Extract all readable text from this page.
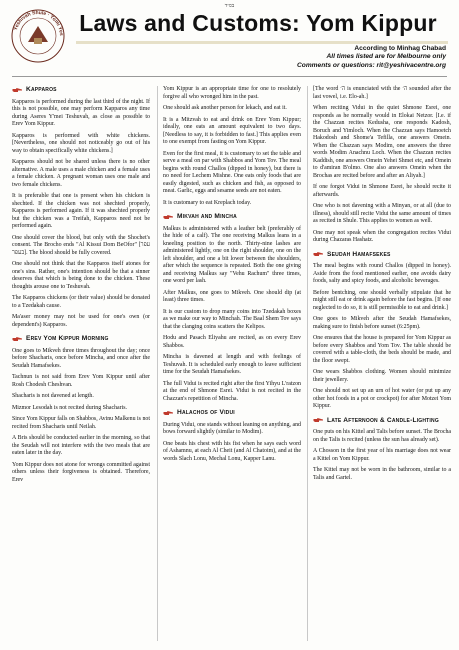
בס״ד
Yeshivah Shule · Yomi Yes Laws and Customs: Yom Kippur
According to Minhag Chabad
All times listed are for Melbourne only
Comments or questions: rit@yeshivacentre.org
Kapparos

Kapparos is performed during the last third of the night. If this is not possible, one may perform Kapparos any time during Aseres Y'mei Teshuvah, as close as possible to Erev Yom Kippur.

Kapparos is performed with white chickens. [Nevertheless, one should not noticeably go out of his way to obtain specifically white chickens.]

Kapparos should not be shared unless there is no other alternative. A male uses a male chicken and a female uses a female chicken. A pregnant woman uses one male and two female chickens.

It is preferable that one is present when his chicken is shechted. If the chicken was not shechted properly, Kapparos is performed again. If it was shechted properly but the chicken was a Treifah, Kapparos need not be performed again.

One should cover the blood, but only with the Shochet's consent. The Brocho ends "Al Kissui Dom BeOfor" [עפר בעפר]. The blood should be fully covered.

One should not think that the Kapparos itself atones for one's sins. Rather, one's intention should be that a sinner deserves that which is being done to the chicken. These thoughts arouse one to Teshuvah.

The Kapparos chickens (or their value) should be donated to a Tzedakah cause.

Ma'aser money may not be used for one's own (or dependent's) Kapparos.

Erev Yom Kippur Morning

One goes to Mikveh three times throughout the day; once before Shacharis, once before Mincha, and once after the Seudah Hamafsekes.

Tachnun is not said from Erev Yom Kippur until after Rosh Chodesh Cheshvan.

Shacharis is not davened at length.

Mizmor Lesodah is not recited during Shacharis.

Since Yom Kippur falls on Shabbos, Avinu Malkenu is not recited from Shacharis until Neilah.

A Bris should be conducted earlier in the morning, so that the Seudah will not interfere with the two meals that are eaten later in the day.

Yom Kippur does not atone for wrongs committed against others unless their forgiveness is obtained. Therefore, Erev

Yom Kippur is an appropriate time for one to resolutely forgive all who wronged him in the past.

One should ask another person for lekach, and eat it.

It is a Mitzvah to eat and drink on Erev Yom Kippur; ideally, one eats an amount equivalent to two days. [Needless to say, it is forbidden to fast.] This applies even to one exempt from fasting on Yom Kippur.

Even for the first meal, it is customary to set the table and serve a meal on par with Shabbos and Yom Tov. The meal begins with round Challos (dipped in honey), but there is no need for Lechem Mishne. One eats only foods that are easily digested, such as chicken and fish, as opposed to meat. Garlic, eggs and sesame seeds are not eaten.

It is customary to eat Kreplach today.

Mikvah and Mincha

Malkus is administered with a leather belt (preferably of the hide of a calf). The one receiving Malkus leans in a kneeling position to the north. Thirty-nine lashes are administered lightly, one on the right shoulder, one on the left shoulder, and one a bit lower between the shoulders, after which the sequence is repeated. Both the one giving and receiving Malkus say "Vehu Rachum" three times, one word per lash.

After Malkus, one goes to Mikveh. One should dip (at least) three times.

It is our custom to drop many coins into Tzedakah boxes as we make our way to Minchah. The Baal Shem Tov says that the clanging coins scatters the Kelipos.

Hodu and Pasach Eliyahu are recited, as on every Erev Shabbos.

Mincha is davened at length and with feelings of Teshuvah. It is scheduled early enough to leave sufficient time for the Seudah Hamafsekes.

The full Vidui is recited right after the first Yihyu L'ratzon at the end of Shmone Esrei. Vidui is not recited in the Chazzan's repetition of Mincha.

Halachos of Vidui

During Vidui, one stands without leaning on anything, and bows forward slightly (similar to Modim).

One beats his chest with his fist when he says each word of Ashamnu, at each Al Cheit (and Al Chatoim), and at the words Slach Lonu, Mechal Lonu, Kapper Lanu.

[The word ה׳ is enunciated with the ה׳ sounded after the last vowel, i.e. Elo-ah.]

When reciting Vidui in the quiet Shmone Esrei, one responds as he normally would in Elokai Netzor. [I.e. if the Chazzan recites Kedusha, one responds Kadosh, Boruch and Yimloch. When the Chazzan says Hamoetch Hakodosh and Shome'a Tefilla, one answers Omein. When the Chazzan says Modim, one answers the three words Modim Anachnu Loch. When the Chazzan recites Kaddish, one answers Omein Yehei Shmei etc, and Omein to d'amiran B'olmo. One also answers Omein when the Brochas are recited before and after an Aliyah.]

If one forgot Vidui in Shmone Esrei, he should recite it afterwards.

One who is not davening with a Minyan, or at all (due to illness), should still recite Vidui the same amount of times as recited in Shule. This applies to women as well.

One may not speak when the congregation recites Vidui during Chazaras Hashatz.

Seudah Hamafsekes

The meal begins with round Challos (dipped in honey). Aside from the food mentioned earlier, one avoids dairy foods, salty and spicy foods, and alcoholic beverages.

Before bentching, one should verbally stipulate that he might still eat or drink again before the fast begins. [If one neglected to do so, it is still permissible to eat and drink.]

One goes to Mikveh after the Seudah Hamafsekes, making sure to finish before sunset (6:25pm).

One ensures that the house is prepared for Yom Kippur as before every Shabbos and Yom Tov. The table should be covered with a table-cloth, the beds should be made, and the floor swept.

One wears Shabbos clothing. Women should minimize their jewellery.

One should not set up an urn of hot water (or put up any other hot foods in a pot or crockpot) for after Motzei Yom Kippur.

Late Afternoon & Candle-Lighting

One puts on his Kittel and Talis before sunset. The Brocha on the Talis is recited (unless the sun has already set).

A Chosson in the first year of his marriage does not wear a Kittel on Yom Kippur.

The Kittel may not be worn in the bathroom, similar to a Talis and Gartel.
